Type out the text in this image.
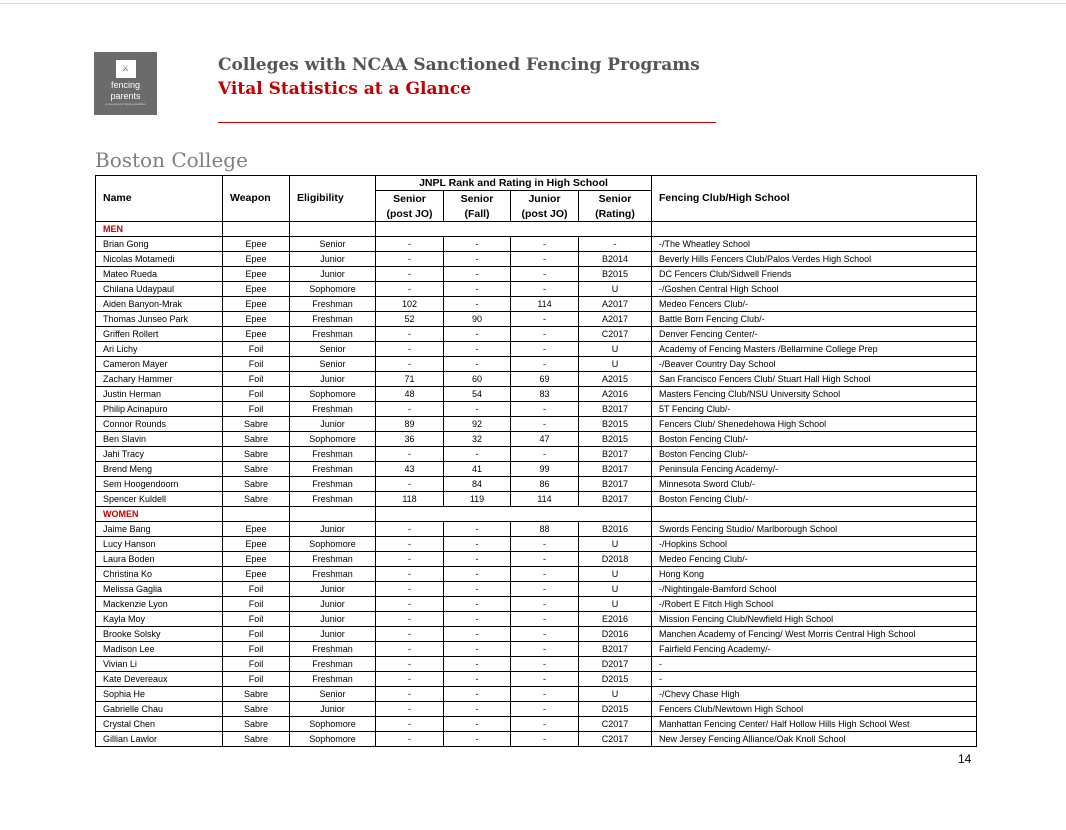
⚔
fencing
parents
a resource for fencing families
Colleges with NCAA Sanctioned Fencing Programs
Vital Statistics at a Glance
Boston College
Name	Weapon	Eligibility	JNPL Rank and Rating in High School				Fencing Club/High School
			Senior	Senior	Junior	Senior	
			(post JO)	(Fall)	(post JO)	(Rating)	
MEN							
Brian Gong	Epee	Senior	-	-	-	-	-/The Wheatley School
Nicolas Motamedi	Epee	Junior	-	-	-	B2014	Beverly Hills Fencers Club/Palos Verdes High School
Mateo Rueda	Epee	Junior	-	-	-	B2015	DC Fencers Club/Sidwell Friends
Chilana Udaypaul	Epee	Sophomore	-	-	-	U	-/Goshen Central High School
Aiden Banyon-Mrak	Epee	Freshman	102	-	114	A2017	Medeo Fencers Club/-
Thomas Junseo Park	Epee	Freshman	52	90	-	A2017	Battle Born Fencing Club/-
Griffen Rollert	Epee	Freshman	-	-	-	C2017	Denver Fencing Center/-
Ari Lichy	Foil	Senior	-	-	-	U	Academy of Fencing Masters /Bellarmine College Prep
Cameron Mayer	Foil	Senior	-	-	-	U	-/Beaver Country Day School
Zachary Hammer	Foil	Junior	71	60	69	A2015	San Francisco Fencers Club/ Stuart Hall High School
Justin Herman	Foil	Sophomore	48	54	83	A2016	Masters Fencing Club/NSU University School
Philip Acinapuro	Foil	Freshman	-	-	-	B2017	5T Fencing Club/-
Connor Rounds	Sabre	Junior	89	92	-	B2015	Fencers Club/ Shenedehowa High School
Ben Slavin	Sabre	Sophomore	36	32	47	B2015	Boston Fencing Club/-
Jahi Tracy	Sabre	Freshman	-	-	-	B2017	Boston Fencing Club/-
Brend Meng	Sabre	Freshman	43	41	99	B2017	Peninsula Fencing Academy/-
Sem Hoogendoorn	Sabre	Freshman	-	84	86	B2017	Minnesota Sword Club/-
Spencer Kuldell	Sabre	Freshman	118	119	114	B2017	Boston Fencing Club/-
WOMEN							
Jaime Bang	Epee	Junior	-	-	88	B2016	Swords Fencing Studio/ Marlborough School
Lucy Hanson	Epee	Sophomore	-	-	-	U	-/Hopkins School
Laura Boden	Epee	Freshman	-	-	-	D2018	Medeo Fencing Club/-
Christina Ko	Epee	Freshman	-	-	-	U	Hong Kong
Melissa Gaglia	Foil	Junior	-	-	-	U	-/Nightingale-Bamford School
Mackenzie Lyon	Foil	Junior	-	-	-	U	-/Robert E Fitch High School
Kayla Moy	Foil	Junior	-	-	-	E2016	Mission Fencing Club/Newfield High School
Brooke Solsky	Foil	Junior	-	-	-	D2016	Manchen Academy of Fencing/ West Morris Central High School
Madison Lee	Foil	Freshman	-	-	-	B2017	Fairfield Fencing Academy/-
Vivian Li	Foil	Freshman	-	-	-	D2017	-
Kate Devereaux	Foil	Freshman	-	-	-	D2015	-
Sophia He	Sabre	Senior	-	-	-	U	-/Chevy Chase High
Gabrielle Chau	Sabre	Junior	-	-	-	D2015	Fencers Club/Newtown High School
Crystal Chen	Sabre	Sophomore	-	-	-	C2017	Manhattan Fencing Center/ Half Hollow Hills High School West
Gillian Lawlor	Sabre	Sophomore	-	-	-	C2017	New Jersey Fencing Alliance/Oak Knoll School
14
